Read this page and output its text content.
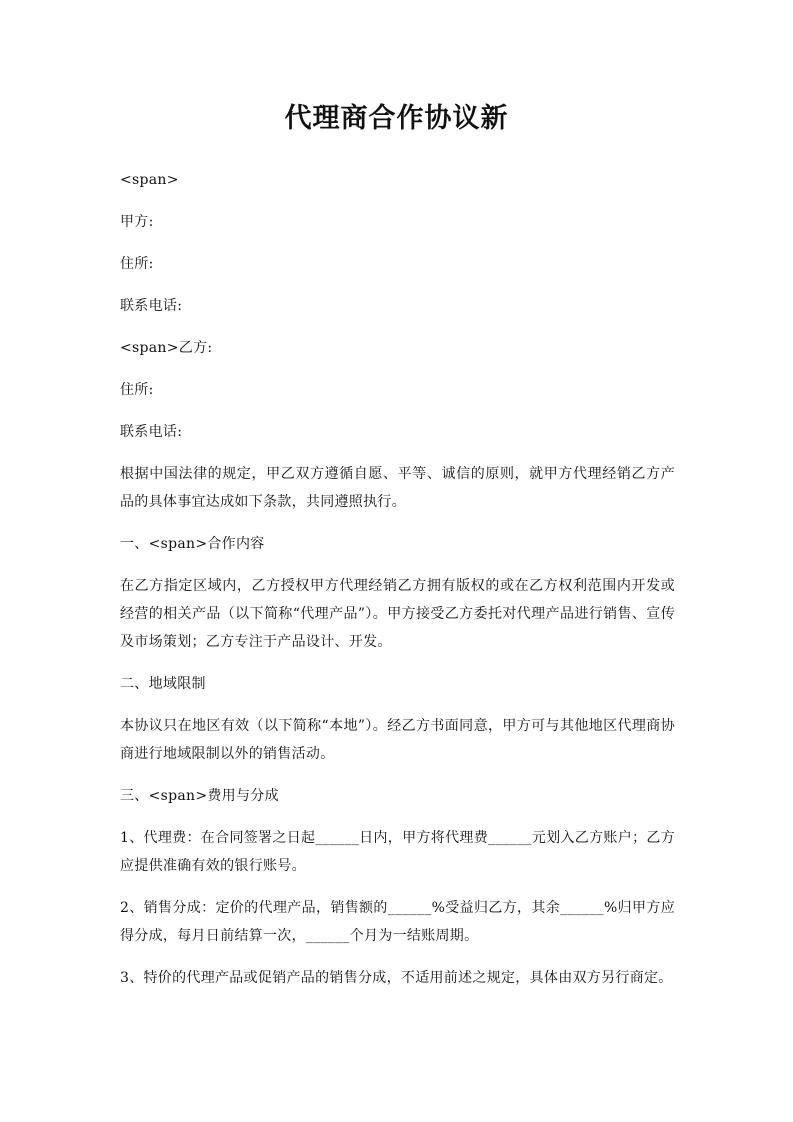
代理商合作协议新

<span>

甲方:

住所:

联系电话:

<span>乙方:

住所:

联系电话:

根据中国法律的规定，甲乙双方遵循自愿、平等、诚信的原则，就甲方代理经销乙方产品的具体事宜达成如下条款，共同遵照执行。

一、<span>合作内容

在乙方指定区域内，乙方授权甲方代理经销乙方拥有版权的或在乙方权利范围内开发或经营的相关产品（以下简称“代理产品”）。甲方接受乙方委托对代理产品进行销售、宣传及市场策划；乙方专注于产品设计、开发。

二、地域限制

本协议只在地区有效（以下简称“本地”）。经乙方书面同意，甲方可与其他地区代理商协商进行地域限制以外的销售活动。

三、<span>费用与分成

1、代理费：在合同签署之日起______日内，甲方将代理费______元划入乙方账户；乙方应提供准确有效的银行账号。

2、销售分成：定价的代理产品，销售额的______%受益归乙方，其余______%归甲方应得分成，每月日前结算一次，______个月为一结账周期。

3、特价的代理产品或促销产品的销售分成，不适用前述之规定，具体由双方另行商定。
